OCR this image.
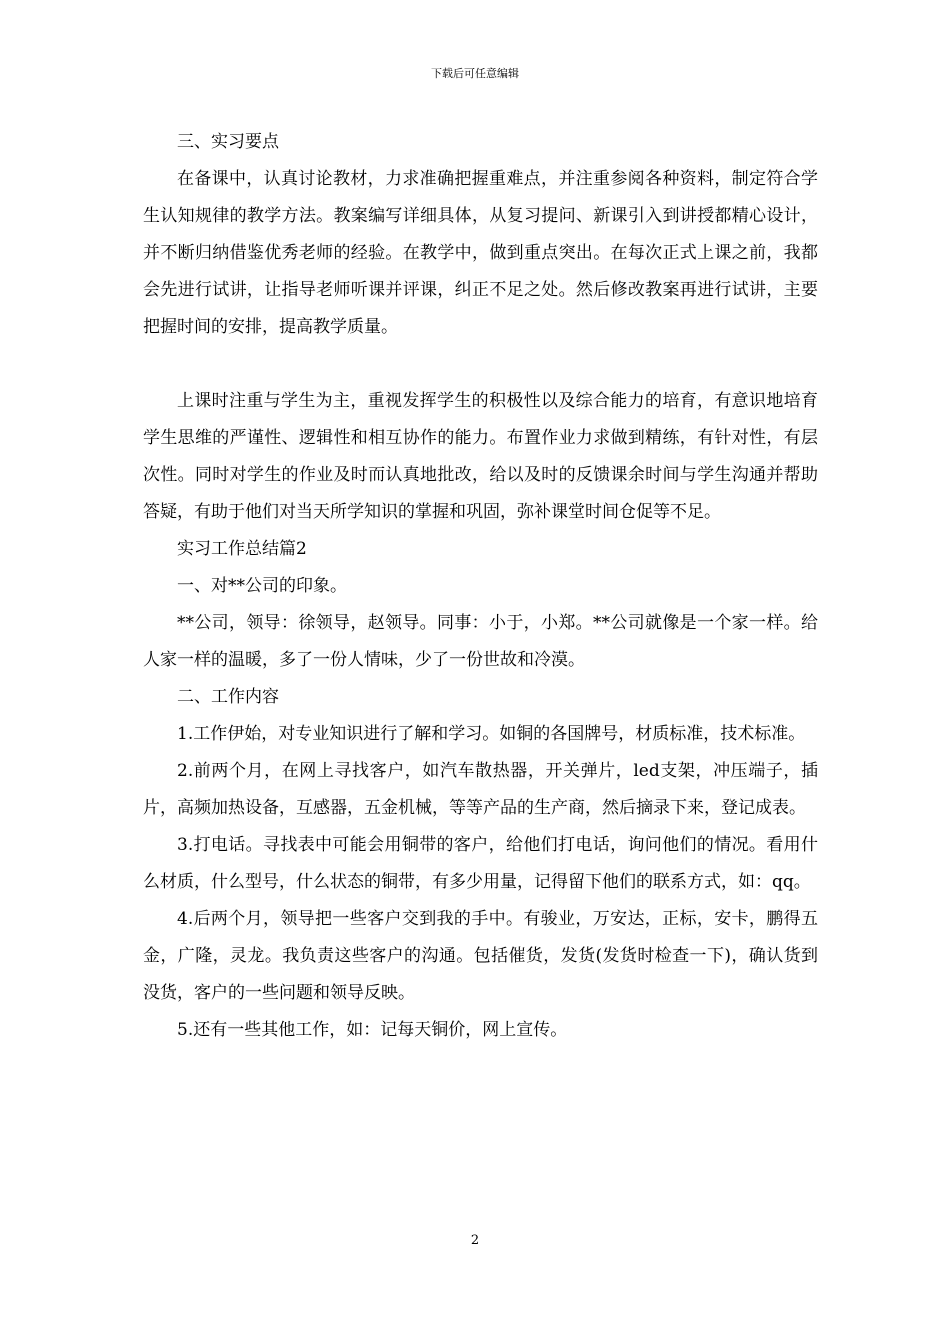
下载后可任意编辑

三、实习要点

在备课中，认真讨论教材，力求准确把握重难点，并注重参阅各种资料，制定符合学生认知规律的教学方法。教案编写详细具体，从复习提问、新课引入到讲授都精心设计，并不断归纳借鉴优秀老师的经验。在教学中，做到重点突出。在每次正式上课之前，我都会先进行试讲，让指导老师听课并评课，纠正不足之处。然后修改教案再进行试讲，主要把握时间的安排，提高教学质量。

上课时注重与学生为主，重视发挥学生的积极性以及综合能力的培育，有意识地培育学生思维的严谨性、逻辑性和相互协作的能力。布置作业力求做到精练，有针对性，有层次性。同时对学生的作业及时而认真地批改，给以及时的反馈课余时间与学生沟通并帮助答疑，有助于他们对当天所学知识的掌握和巩固，弥补课堂时间仓促等不足。

实习工作总结篇2

一、对**公司的印象。

**公司，领导：徐领导，赵领导。同事：小于，小郑。**公司就像是一个家一样。给人家一样的温暖，多了一份人情味，少了一份世故和冷漠。

二、工作内容

1.工作伊始，对专业知识进行了解和学习。如铜的各国牌号，材质标准，技术标准。

2.前两个月，在网上寻找客户，如汽车散热器，开关弹片，led支架，冲压端子，插片，高频加热设备，互感器，五金机械，等等产品的生产商，然后摘录下来，登记成表。

3.打电话。寻找表中可能会用铜带的客户，给他们打电话，询问他们的情况。看用什么材质，什么型号，什么状态的铜带，有多少用量，记得留下他们的联系方式，如：qq。

4.后两个月，领导把一些客户交到我的手中。有骏业，万安达，正标，安卡，鹏得五金，广隆，灵龙。我负责这些客户的沟通。包括催货，发货(发货时检查一下)，确认货到没货，客户的一些问题和领导反映。

5.还有一些其他工作，如：记每天铜价，网上宣传。

2
